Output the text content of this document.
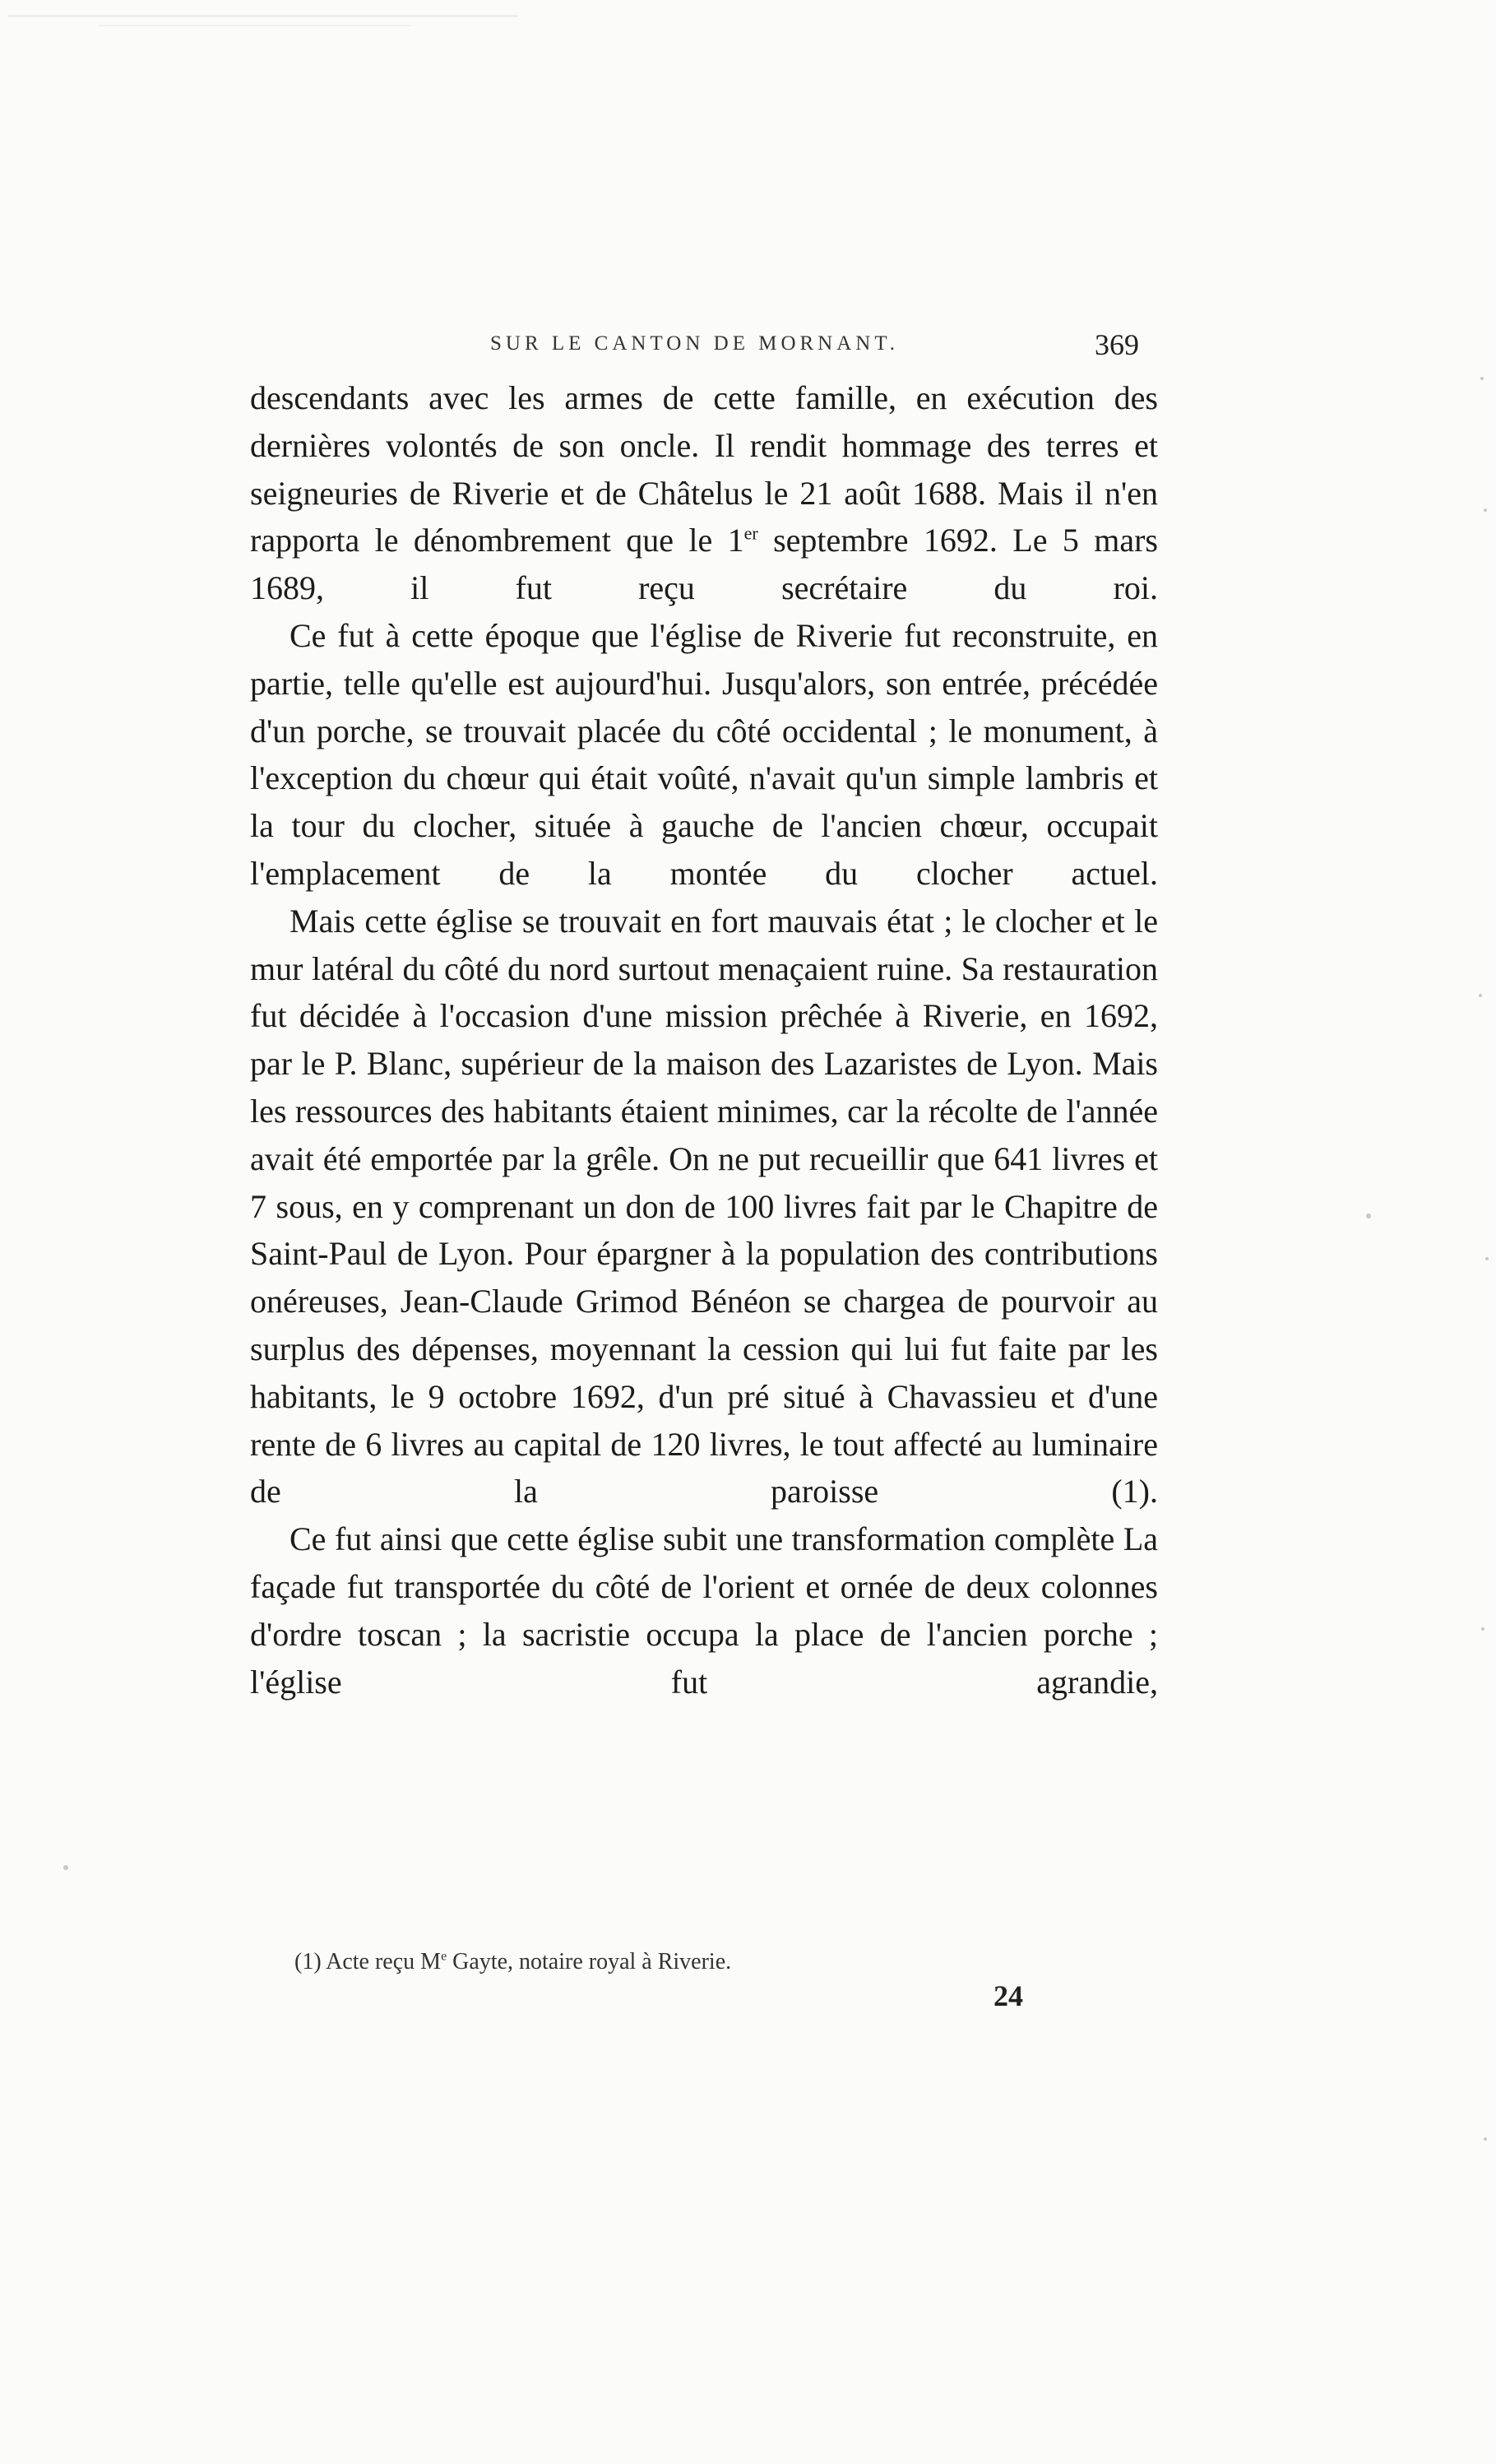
SUR LE CANTON DE MORNANT.	369

descendants avec les armes de cette famille, en exécution des dernières volontés de son oncle. Il rendit hommage des terres et seigneuries de Riverie et de Châtelus le 21 août 1688. Mais il n'en rapporta le dénombrement que le 1er septembre 1692. Le 5 mars 1689, il fut reçu secrétaire du roi.

Ce fut à cette époque que l'église de Riverie fut reconstruite, en partie, telle qu'elle est aujourd'hui. Jusqu'alors, son entrée, précédée d'un porche, se trouvait placée du côté occidental ; le monument, à l'exception du chœur qui était voûté, n'avait qu'un simple lambris et la tour du clocher, située à gauche de l'ancien chœur, occupait l'emplacement de la montée du clocher actuel.

Mais cette église se trouvait en fort mauvais état ; le clocher et le mur latéral du côté du nord surtout menaçaient ruine. Sa restauration fut décidée à l'occasion d'une mission prêchée à Riverie, en 1692, par le P. Blanc, supérieur de la maison des Lazaristes de Lyon. Mais les ressources des habitants étaient minimes, car la récolte de l'année avait été emportée par la grêle. On ne put recueillir que 641 livres et 7 sous, en y comprenant un don de 100 livres fait par le Chapitre de Saint-Paul de Lyon. Pour épargner à la population des contributions onéreuses, Jean-Claude Grimod Bénéon se chargea de pourvoir au surplus des dépenses, moyennant la cession qui lui fut faite par les habitants, le 9 octobre 1692, d'un pré situé à Chavassieu et d'une rente de 6 livres au capital de 120 livres, le tout affecté au luminaire de la paroisse (1).

Ce fut ainsi que cette église subit une transformation complète La façade fut transportée du côté de l'orient et ornée de deux colonnes d'ordre toscan ; la sacristie occupa la place de l'ancien porche ; l'église fut agrandie,

(1) Acte reçu Me Gayte, notaire royal à Riverie.
24
